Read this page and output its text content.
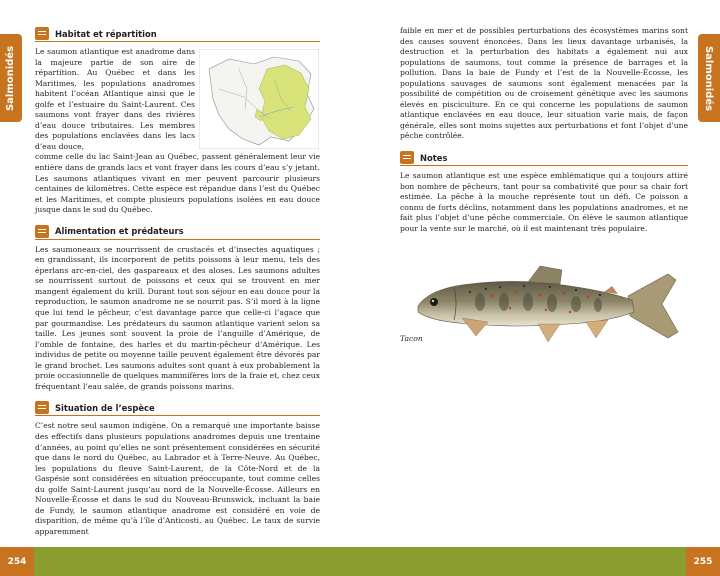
Salmonidés	Salmonidés
Habitat et répartition

Le saumon atlantique est anadrome dans la majeure partie de son aire de répartition. Au Québec et dans les Maritimes, les populations anadromes habitent l’océan Atlantique ainsi que le golfe et l’estuaire du Saint-Laurent. Ces saumons vont frayer dans des rivières d’eau douce tributaires. Les membres des populations enclavées dans les lacs d’eau douce,

comme celle du lac Saint-Jean au Québec, passent généralement leur vie entière dans de grands lacs et vont frayer dans les cours d’eau s’y jetant. Les saumons atlantiques vivant en mer peuvent parcourir plusieurs centaines de kilomètres. Cette espèce est répandue dans l’est du Québec et les Maritimes, et compte plusieurs populations isolées en eau douce jusque dans le sud du Québec.

Alimentation et prédateurs

Les saumoneaux se nourrissent de crustacés et d’insectes aquatiques ; en grandissant, ils incorporent de petits poissons à leur menu, tels des éperlans arc-en-ciel, des gaspareaux et des aloses. Les saumons adultes se nourrissent surtout de poissons et ceux qui se trouvent en mer mangent également du krill. Durant tout son séjour en eau douce pour la reproduction, le saumon anadrome ne se nourrit pas. S’il mord à la ligne que lui tend le pêcheur, c’est davantage parce que celle-ci l’agace que par gourmandise. Les prédateurs du saumon atlantique varient selon sa taille. Les jeunes sont souvent la proie de l’anguille d’Amérique, de l’omble de fontaine, des harles et du martin-pêcheur d’Amérique. Les individus de petite ou moyenne taille peuvent également être dévorés par le grand brochet. Les saumons adultes sont quant à eux probablement la proie occasionnelle de quelques mammifères lors de la fraie et, chez ceux fréquentant l’eau salée, de grands poissons marins.

Situation de l’espèce

C’est notre seul saumon indigène. On a remarqué une importante baisse des effectifs dans plusieurs populations anadromes depuis une trentaine d’années, au point qu’elles ne sont présentement considérées en sécurité que dans le nord du Québec, au Labrador et à Terre-Neuve. Au Québec, les populations du fleuve Saint-Laurent, de la Côte-Nord et de la Gaspésie sont considérées en situation préoccupante, tout comme celles du golfe Saint-Laurent jusqu’au nord de la Nouvelle-Écosse. Ailleurs en Nouvelle-Écosse et dans le sud du Nouveau-Brunswick, incluant la baie de Fundy, le saumon atlantique anadrome est considéré en voie de disparition, de même qu’à l’île d’Anticosti, au Québec. Le taux de survie apparemment

faible en mer et de possibles perturbations des écosystèmes marins sont des causes souvent énoncées. Dans les lieux davantage urbanisés, la destruction et la perturbation des habitats a également nui aux populations de saumons, tout comme la présence de barrages et la pollution. Dans la baie de Fundy et l’est de la Nouvelle-Écosse, les populations sauvages de saumons sont également menacées par la possibilité de compétition ou de croisement génétique avec les saumons élevés en pisciculture. En ce qui concerne les populations de saumon atlantique enclavées en eau douce, leur situation varie mais, de façon générale, elles sont moins sujettes aux perturbations et font l’objet d’une pêche contrôlée.

Notes

Le saumon atlantique est une espèce emblématique qui a toujours attiré bon nombre de pêcheurs, tant pour sa combativité que pour sa chair fort estimée. La pêche à la mouche représente tout un défi. Ce poisson a connu de forts déclins, notamment dans les populations anadromes, et ne fait plus l’objet d’une pêche commerciale. On élève le saumon atlantique pour la vente sur le marché, où il est maintenant très populaire.

Tacon
254	255
